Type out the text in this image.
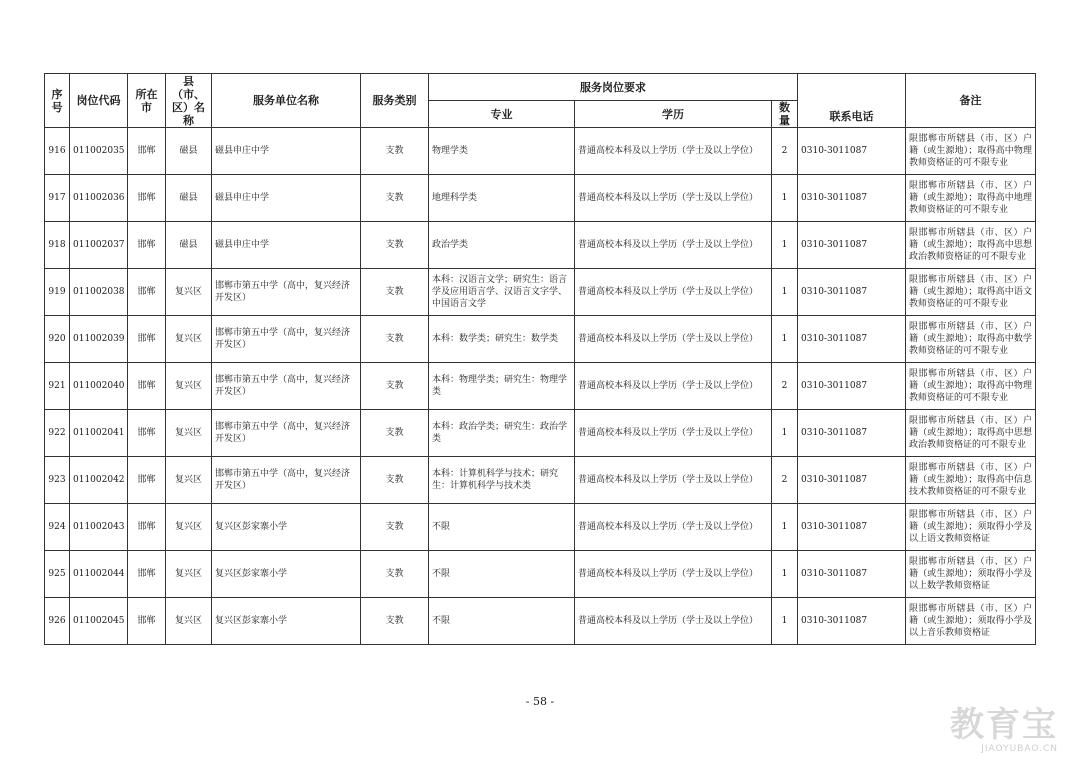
序号	岗位代码	所在市	县（市、区）名称	服务单位名称	服务类别	服务岗位要求			联系电话	备注
						专业	学历	数量		
916	011002035	邯郸	磁县	磁县申庄中学	支教	物理学类	普通高校本科及以上学历（学士及以上学位）	2	0310-3011087	限邯郸市所辖县（市、区）户籍（或生源地）；取得高中物理教师资格证的可不限专业
917	011002036	邯郸	磁县	磁县申庄中学	支教	地理科学类	普通高校本科及以上学历（学士及以上学位）	1	0310-3011087	限邯郸市所辖县（市、区）户籍（或生源地）；取得高中地理教师资格证的可不限专业
918	011002037	邯郸	磁县	磁县申庄中学	支教	政治学类	普通高校本科及以上学历（学士及以上学位）	1	0310-3011087	限邯郸市所辖县（市、区）户籍（或生源地）；取得高中思想政治教师资格证的可不限专业
919	011002038	邯郸	复兴区	邯郸市第五中学（高中，复兴经济开发区）	支教	本科：汉语言文学；研究生：语言学及应用语言学、汉语言文字学、中国语言文学	普通高校本科及以上学历（学士及以上学位）	1	0310-3011087	限邯郸市所辖县（市、区）户籍（或生源地）；取得高中语文教师资格证的可不限专业
920	011002039	邯郸	复兴区	邯郸市第五中学（高中，复兴经济开发区）	支教	本科：数学类；研究生：数学类	普通高校本科及以上学历（学士及以上学位）	1	0310-3011087	限邯郸市所辖县（市、区）户籍（或生源地）；取得高中数学教师资格证的可不限专业
921	011002040	邯郸	复兴区	邯郸市第五中学（高中，复兴经济开发区）	支教	本科：物理学类；研究生：物理学类	普通高校本科及以上学历（学士及以上学位）	2	0310-3011087	限邯郸市所辖县（市、区）户籍（或生源地）；取得高中物理教师资格证的可不限专业
922	011002041	邯郸	复兴区	邯郸市第五中学（高中，复兴经济开发区）	支教	本科：政治学类；研究生：政治学类	普通高校本科及以上学历（学士及以上学位）	1	0310-3011087	限邯郸市所辖县（市、区）户籍（或生源地）；取得高中思想政治教师资格证的可不限专业
923	011002042	邯郸	复兴区	邯郸市第五中学（高中，复兴经济开发区）	支教	本科：计算机科学与技术；研究生：计算机科学与技术类	普通高校本科及以上学历（学士及以上学位）	2	0310-3011087	限邯郸市所辖县（市、区）户籍（或生源地）；取得高中信息技术教师资格证的可不限专业
924	011002043	邯郸	复兴区	复兴区彭家寨小学	支教	不限	普通高校本科及以上学历（学士及以上学位）	1	0310-3011087	限邯郸市所辖县（市、区）户籍（或生源地）；须取得小学及以上语文教师资格证
925	011002044	邯郸	复兴区	复兴区彭家寨小学	支教	不限	普通高校本科及以上学历（学士及以上学位）	1	0310-3011087	限邯郸市所辖县（市、区）户籍（或生源地）；须取得小学及以上数学教师资格证
926	011002045	邯郸	复兴区	复兴区彭家寨小学	支教	不限	普通高校本科及以上学历（学士及以上学位）	1	0310-3011087	限邯郸市所辖县（市、区）户籍（或生源地）；须取得小学及以上音乐教师资格证
- 58 -
教育宝
JIAOYUBAO.CN
